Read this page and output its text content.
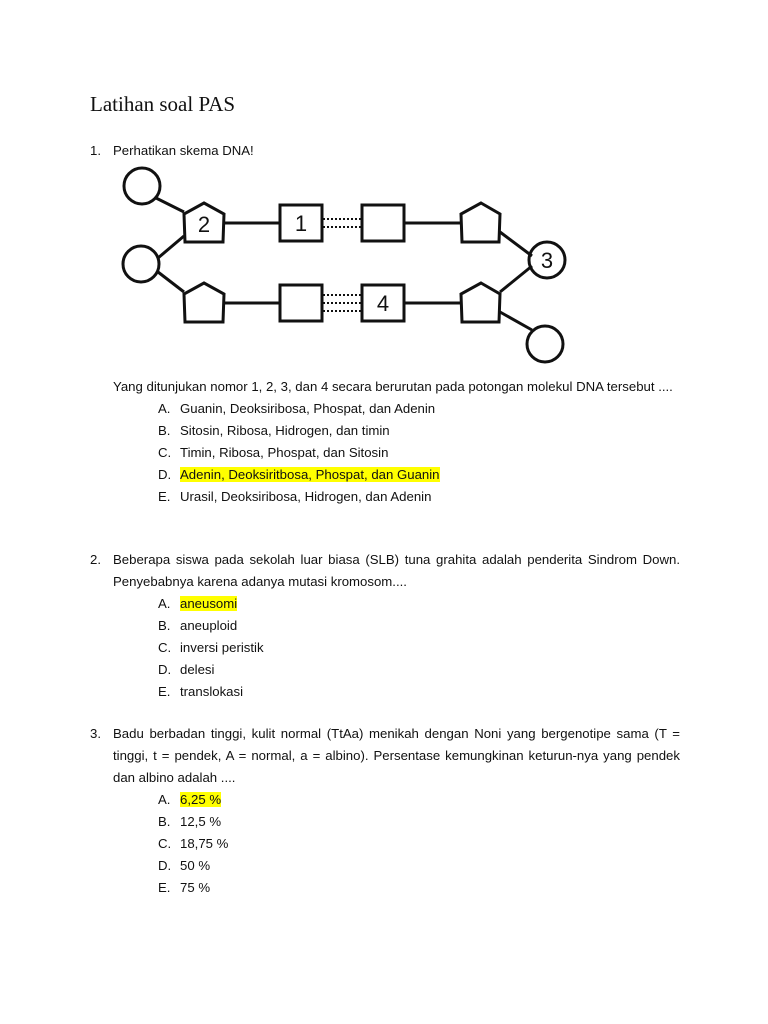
Latihan soal PAS
1. Perhatikan skema DNA!
Yang ditunjukan nomor 1, 2, 3, dan 4 secara berurutan pada potongan molekul DNA tersebut ....
A. Guanin, Deoksiribosa, Phospat, dan Adenin
B. Sitosin, Ribosa, Hidrogen, dan timin
C. Timin, Ribosa, Phospat, dan Sitosin
D. Adenin, Deoksiritbosa, Phospat, dan Guanin
E. Urasil, Deoksiribosa, Hidrogen, dan Adenin
2	1
3
4
2. Beberapa siswa pada sekolah luar biasa (SLB) tuna grahita adalah penderita Sindrom Down. Penyebabnya karena adanya mutasi kromosom....
A. aneusomi
B. aneuploid
C. inversi peristik
D. delesi
E. translokasi
3. Badu berbadan tinggi, kulit normal (TtAa) menikah dengan Noni yang bergenotipe sama (T = tinggi, t = pendek, A = normal, a = albino). Persentase kemungkinan keturun-nya yang pendek dan albino adalah ....
A. 6,25 %
B. 12,5 %
C. 18,75 %
D. 50 %
E. 75 %
